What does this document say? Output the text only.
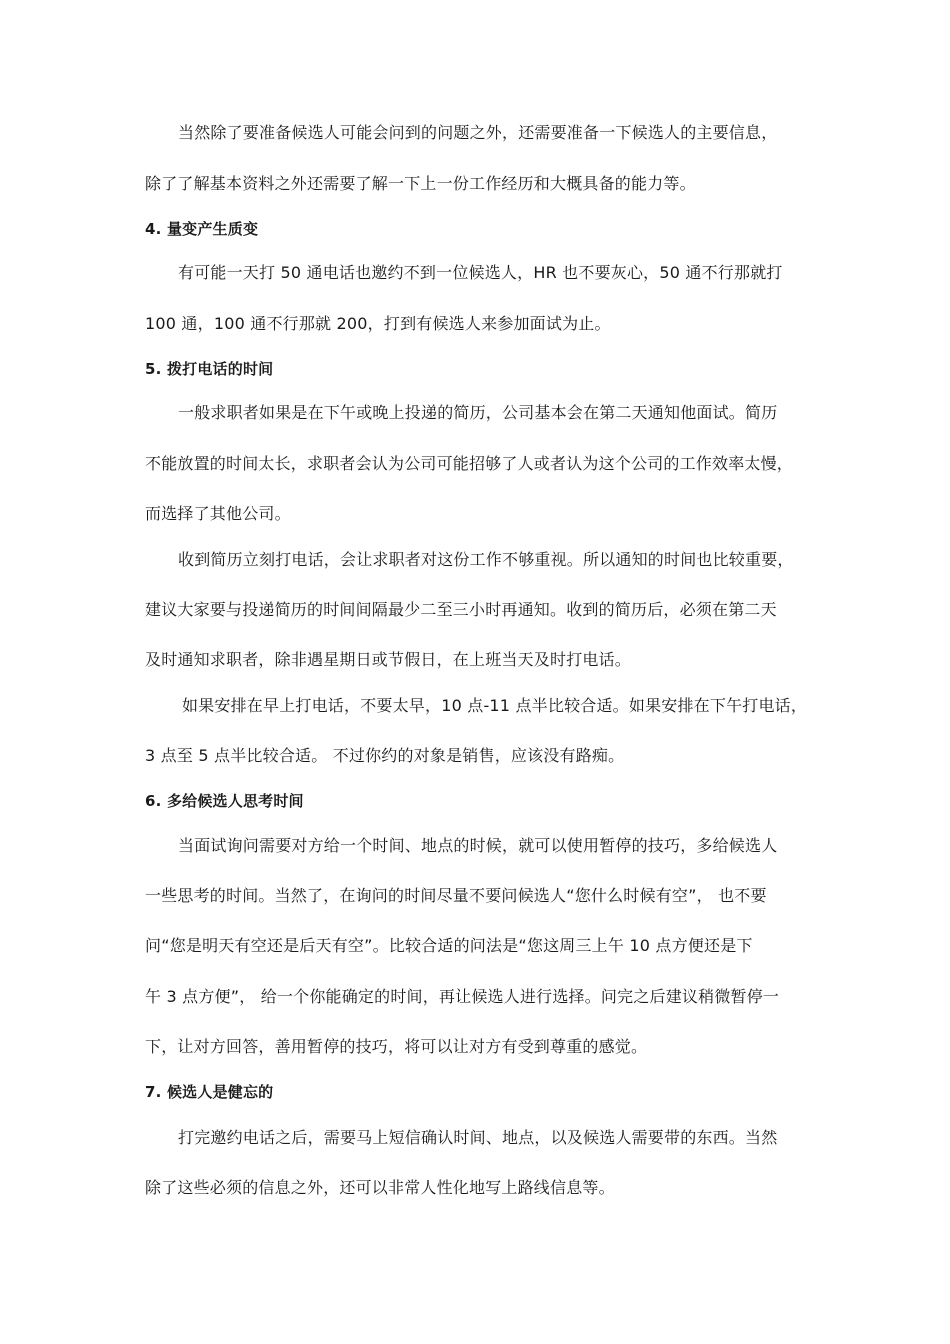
当然除了要准备候选人可能会问到的问题之外，还需要准备一下候选人的主要信息，
除了了解基本资料之外还需要了解一下上一份工作经历和大概具备的能力等。
4. 量变产生质变
有可能一天打 50 通电话也邀约不到一位候选人，HR 也不要灰心，50 通不行那就打
100 通，100 通不行那就 200，打到有候选人来参加面试为止。
5. 拨打电话的时间
一般求职者如果是在下午或晚上投递的简历，公司基本会在第二天通知他面试。简历
不能放置的时间太长，求职者会认为公司可能招够了人或者认为这个公司的工作效率太慢，
而选择了其他公司。
收到简历立刻打电话，会让求职者对这份工作不够重视。所以通知的时间也比较重要，
建议大家要与投递简历的时间间隔最少二至三小时再通知。收到的简历后，必须在第二天
及时通知求职者，除非遇星期日或节假日，在上班当天及时打电话。
如果安排在早上打电话，不要太早，10 点-11 点半比较合适。如果安排在下午打电话，
3 点至 5 点半比较合适。 不过你约的对象是销售，应该没有路痴。
6. 多给候选人思考时间
当面试询问需要对方给一个时间、地点的时候，就可以使用暂停的技巧，多给候选人
一些思考的时间。当然了，在询问的时间尽量不要问候选人“您什么时候有空”， 也不要
问“您是明天有空还是后天有空”。比较合适的问法是“您这周三上午 10 点方便还是下
午 3 点方便”， 给一个你能确定的时间，再让候选人进行选择。问完之后建议稍微暂停一
下，让对方回答，善用暂停的技巧，将可以让对方有受到尊重的感觉。
7. 候选人是健忘的
打完邀约电话之后，需要马上短信确认时间、地点，以及候选人需要带的东西。当然
除了这些必须的信息之外，还可以非常人性化地写上路线信息等。
